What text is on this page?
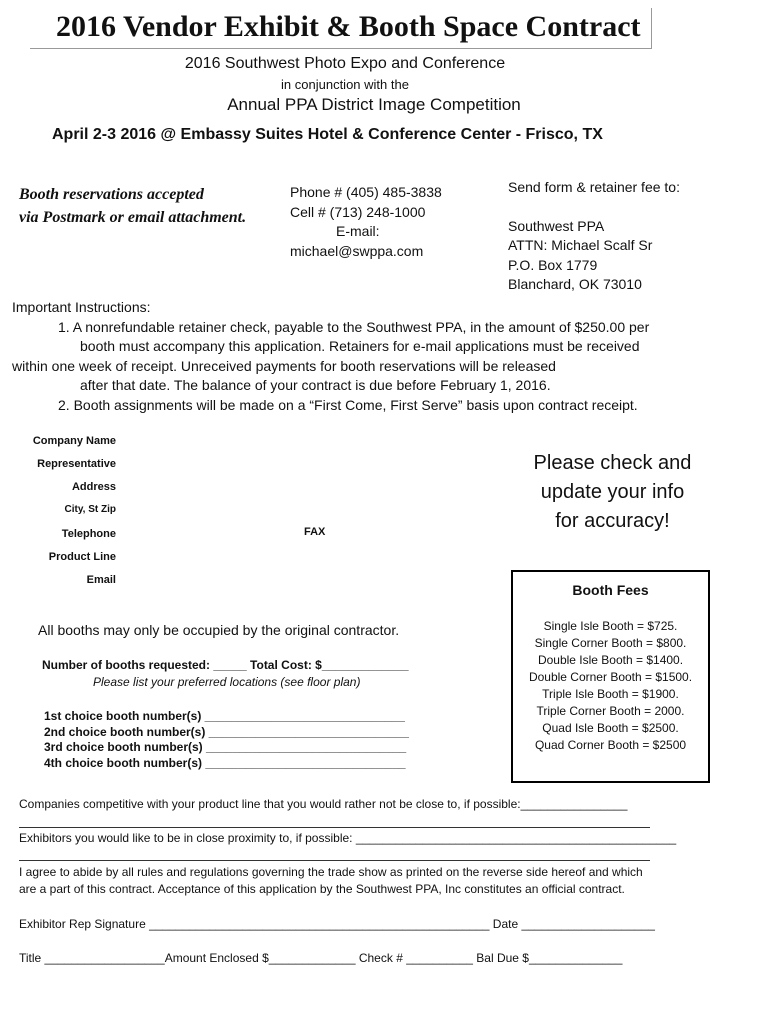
2016 Vendor Exhibit & Booth Space Contract
2016 Southwest Photo Expo and Conference
in conjunction with the
Annual PPA District Image Competition
April 2-3 2016 @ Embassy Suites Hotel & Conference Center - Frisco, TX
Booth reservations accepted
via Postmark or email attachment.
Phone # (405) 485-3838
Cell # (713) 248-1000
E-mail:
michael@swppa.com
Send form & retainer fee to:
Southwest PPA
ATTN: Michael Scalf Sr
P.O. Box 1779
Blanchard, OK 73010
Important Instructions:
1. A nonrefundable retainer check, payable to the Southwest PPA, in the amount of $250.00 per
booth must accompany this application. Retainers for e-mail applications must be received
within one week of receipt. Unreceived payments for booth reservations will be released
after that date. The balance of your contract is due before February 1, 2016.
2. Booth assignments will be made on a “First Come, First Serve” basis upon contract receipt.
Company Name
Representative
Address
City, St Zip
Telephone	FAX
Product Line
Email
Please check and
update your info
for accuracy!
Booth Fees
Single Isle Booth = $725.
Single Corner Booth = $800.
Double Isle Booth = $1400.
Double Corner Booth = $1500.
Triple Isle Booth = $1900.
Triple Corner Booth = 2000.
Quad Isle Booth = $2500.
Quad Corner Booth = $2500
All booths may only be occupied by the original contractor.
Number of booths requested: _____ Total Cost: $_____________
Please list your preferred locations (see floor plan)
1st choice booth number(s) ______________________________
2nd choice booth number(s) ______________________________
3rd choice booth number(s) ______________________________
4th choice booth number(s) ______________________________
Companies competitive with your product line that you would rather not be close to, if possible:________________
Exhibitors you would like to be in close proximity to, if possible: ________________________________________________
I agree to abide by all rules and regulations governing the trade show as printed on the reverse side hereof and which
are a part of this contract. Acceptance of this application by the Southwest PPA, Inc constitutes an official contract.
Exhibitor Rep Signature ___________________________________________________ Date ____________________
Title __________________Amount Enclosed $_____________ Check # __________ Bal Due $______________
